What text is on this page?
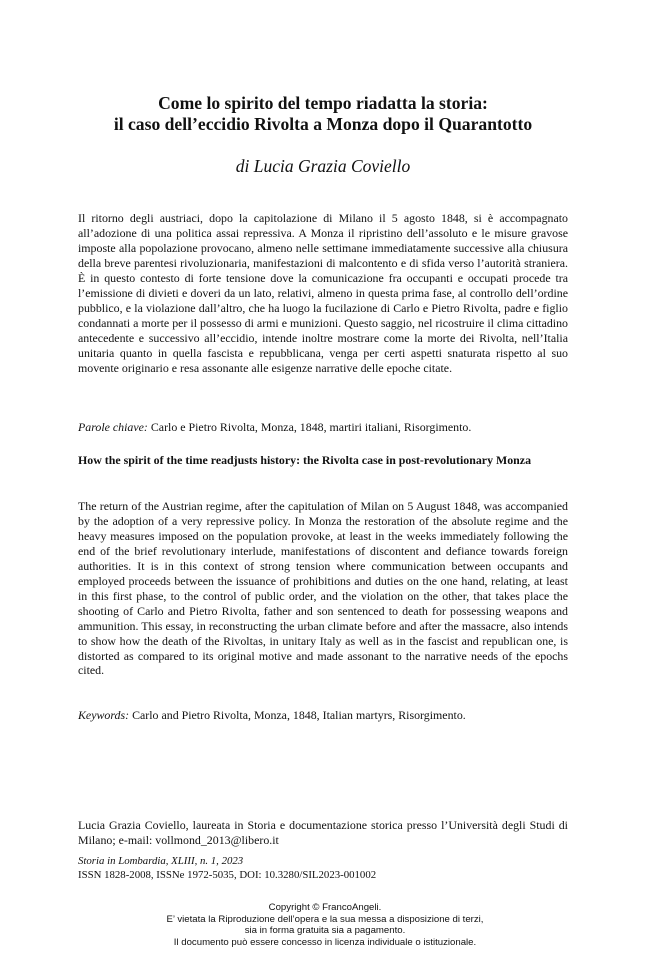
Come lo spirito del tempo riadatta la storia:
il caso dell’eccidio Rivolta a Monza dopo il Quarantotto
di Lucia Grazia Coviello

Il ritorno degli austriaci, dopo la capitolazione di Milano il 5 agosto 1848, si è accompagnato all’adozione di una politica assai repressiva. A Monza il ripristino dell’assoluto e le misure gravose imposte alla popolazione provocano, almeno nelle settimane immediatamente successive alla chiusura della breve parentesi rivoluzionaria, manifestazioni di malcontento e di sfida verso l’autorità straniera. È in questo contesto di forte tensione dove la comunicazione fra occupanti e occupati procede tra l’emissione di divieti e doveri da un lato, relativi, almeno in questa prima fase, al controllo dell’ordine pubblico, e la violazione dall’altro, che ha luogo la fucilazione di Carlo e Pietro Rivolta, padre e figlio condannati a morte per il possesso di armi e munizioni. Questo saggio, nel ricostruire il clima cittadino antecedente e successivo all’eccidio, intende inoltre mostrare come la morte dei Rivolta, nell’Italia unitaria quanto in quella fascista e repubblicana, venga per certi aspetti snaturata rispetto al suo movente originario e resa assonante alle esigenze narrative delle epoche citate.

Parole chiave: Carlo e Pietro Rivolta, Monza, 1848, martiri italiani, Risorgimento.

How the spirit of the time readjusts history: the Rivolta case in post-revolutionary Monza

The return of the Austrian regime, after the capitulation of Milan on 5 August 1848, was accompanied by the adoption of a very repressive policy. In Monza the restoration of the absolute regime and the heavy measures imposed on the population provoke, at least in the weeks immediately following the end of the brief revolutionary interlude, manifestations of discontent and defiance towards foreign authorities. It is in this context of strong tension where communication between occupants and employed proceeds between the issuance of prohibitions and duties on the one hand, relating, at least in this first phase, to the control of public order, and the violation on the other, that takes place the shooting of Carlo and Pietro Rivolta, father and son sentenced to death for possessing weapons and ammunition. This essay, in reconstructing the urban climate before and after the massacre, also intends to show how the death of the Rivoltas, in unitary Italy as well as in the fascist and republican one, is distorted as compared to its original motive and made assonant to the narrative needs of the epochs cited.

Keywords: Carlo and Pietro Rivolta, Monza, 1848, Italian martyrs, Risorgimento.

Lucia Grazia Coviello, laureata in Storia e documentazione storica presso l’Università degli Studi di Milano; e-mail: vollmond_2013@libero.it

Storia in Lombardia, XLIII, n. 1, 2023

ISSN 1828-2008, ISSNe 1972-5035, DOI: 10.3280/SIL2023-001002

Copyright © FrancoAngeli.
E’ vietata la Riproduzione dell’opera e la sua messa a disposizione di terzi,
sia in forma gratuita sia a pagamento.
Il documento può essere concesso in licenza individuale o istituzionale.
